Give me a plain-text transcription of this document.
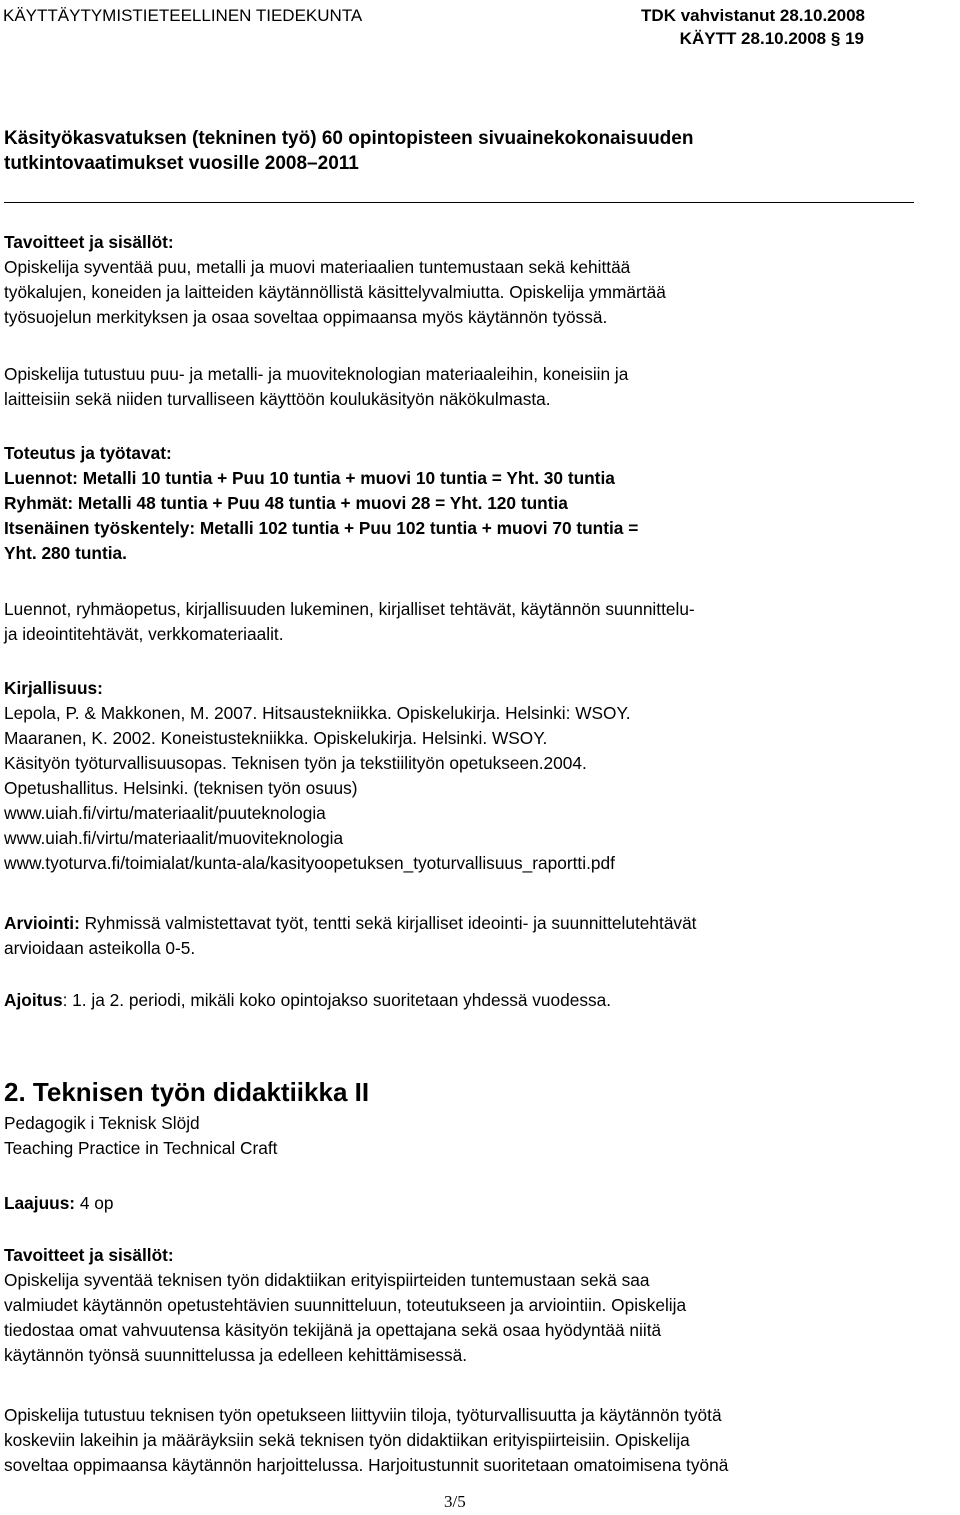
KÄYTTÄYTYMISTIETEELLINEN TIEDEKUNTA	TDK vahvistanut 28.10.2008
KÄYTT 28.10.2008 § 19
Käsityökasvatuksen (tekninen työ) 60 opintopisteen sivuainekokonaisuuden
tutkintovaatimukset vuosille 2008–2011
Tavoitteet ja sisällöt:
Opiskelija syventää puu, metalli ja muovi materiaalien tuntemustaan sekä kehittää
työkalujen, koneiden ja laitteiden käytännöllistä käsittelyvalmiutta. Opiskelija ymmärtää
työsuojelun merkityksen ja osaa soveltaa oppimaansa myös käytännön työssä.
Opiskelija tutustuu puu- ja metalli- ja muoviteknologian materiaaleihin, koneisiin ja
laitteisiin sekä niiden turvalliseen käyttöön koulukäsityön näkökulmasta.
Toteutus ja työtavat:
Luennot: Metalli 10 tuntia + Puu 10 tuntia + muovi 10 tuntia = Yht. 30 tuntia
Ryhmät: Metalli 48 tuntia + Puu 48 tuntia + muovi 28 = Yht. 120 tuntia
Itsenäinen työskentely: Metalli 102 tuntia + Puu 102 tuntia + muovi 70 tuntia =
Yht. 280 tuntia.
Luennot, ryhmäopetus, kirjallisuuden lukeminen, kirjalliset tehtävät, käytännön suunnittelu-
ja ideointitehtävät, verkkomateriaalit.
Kirjallisuus:
Lepola, P. & Makkonen, M. 2007. Hitsaustekniikka. Opiskelukirja. Helsinki: WSOY.
Maaranen, K. 2002. Koneistustekniikka. Opiskelukirja. Helsinki. WSOY.
Käsityön työturvallisuusopas. Teknisen työn ja tekstiilityön opetukseen.2004.
Opetushallitus. Helsinki. (teknisen työn osuus)
www.uiah.fi/virtu/materiaalit/puuteknologia
www.uiah.fi/virtu/materiaalit/muoviteknologia
www.tyoturva.fi/toimialat/kunta-ala/kasityoopetuksen_tyoturvallisuus_raportti.pdf
Arviointi: Ryhmissä valmistettavat työt, tentti sekä kirjalliset ideointi- ja suunnittelutehtävät
arvioidaan asteikolla 0-5.
Ajoitus: 1. ja 2. periodi, mikäli koko opintojakso suoritetaan yhdessä vuodessa.
2. Teknisen työn didaktiikka II
Pedagogik i Teknisk Slöjd
Teaching Practice in Technical Craft
Laajuus: 4 op
Tavoitteet ja sisällöt:
Opiskelija syventää teknisen työn didaktiikan erityispiirteiden tuntemustaan sekä saa
valmiudet käytännön opetustehtävien suunnitteluun, toteutukseen ja arviointiin. Opiskelija
tiedostaa omat vahvuutensa käsityön tekijänä ja opettajana sekä osaa hyödyntää niitä
käytännön työnsä suunnittelussa ja edelleen kehittämisessä.
Opiskelija tutustuu teknisen työn opetukseen liittyviin tiloja, työturvallisuutta ja käytännön työtä
koskeviin lakeihin ja määräyksiin sekä teknisen työn didaktiikan erityispiirteisiin. Opiskelija
soveltaa oppimaansa käytännön harjoittelussa. Harjoitustunnit suoritetaan omatoimisena työnä
3/5
